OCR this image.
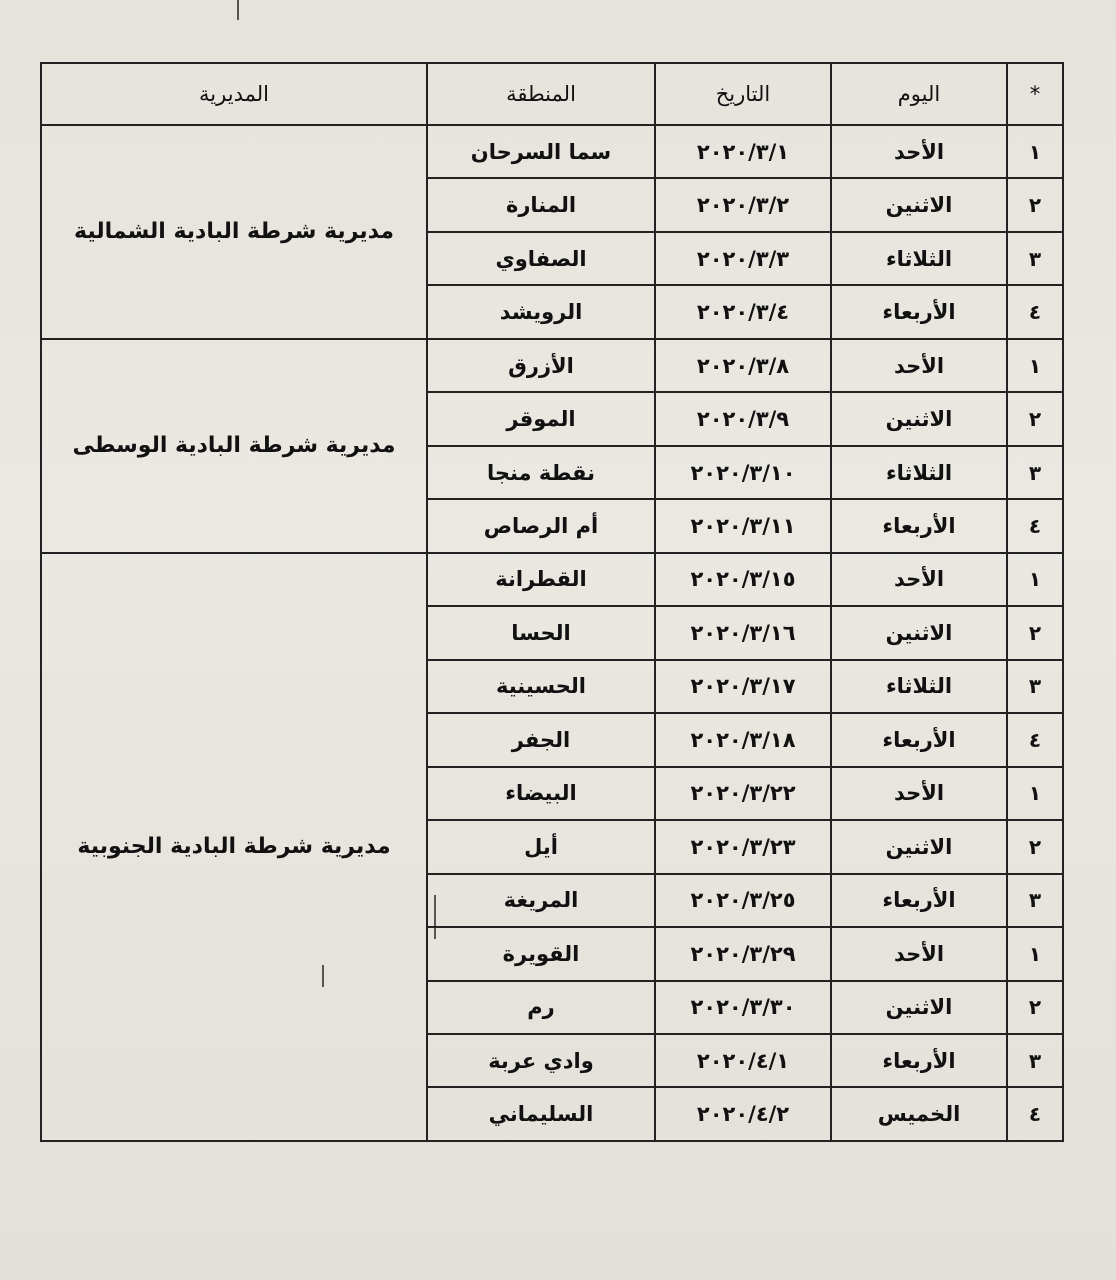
*	اليوم	التاريخ	المنطقة	المديرية
١	الأحد	٢٠٢٠/٣/١	سما السرحان	مديرية شرطة البادية الشمالية
٢	الاثنين	٢٠٢٠/٣/٢	المنارة	
٣	الثلاثاء	٢٠٢٠/٣/٣	الصفاوي	
٤	الأربعاء	٢٠٢٠/٣/٤	الرويشد	
١	الأحد	٢٠٢٠/٣/٨	الأزرق	مديرية شرطة البادية الوسطى
٢	الاثنين	٢٠٢٠/٣/٩	الموقر	
٣	الثلاثاء	٢٠٢٠/٣/١٠	نقطة منجا	
٤	الأربعاء	٢٠٢٠/٣/١١	أم الرصاص	
١	الأحد	٢٠٢٠/٣/١٥	القطرانة	مديرية شرطة البادية الجنوبية
٢	الاثنين	٢٠٢٠/٣/١٦	الحسا	
٣	الثلاثاء	٢٠٢٠/٣/١٧	الحسينية	
٤	الأربعاء	٢٠٢٠/٣/١٨	الجفر	
١	الأحد	٢٠٢٠/٣/٢٢	البيضاء	
٢	الاثنين	٢٠٢٠/٣/٢٣	أيل	
٣	الأربعاء	٢٠٢٠/٣/٢٥	المريغة	
١	الأحد	٢٠٢٠/٣/٢٩	القويرة	
٢	الاثنين	٢٠٢٠/٣/٣٠	رم	
٣	الأربعاء	٢٠٢٠/٤/١	وادي عربة	
٤	الخميس	٢٠٢٠/٤/٢	السليماني	
